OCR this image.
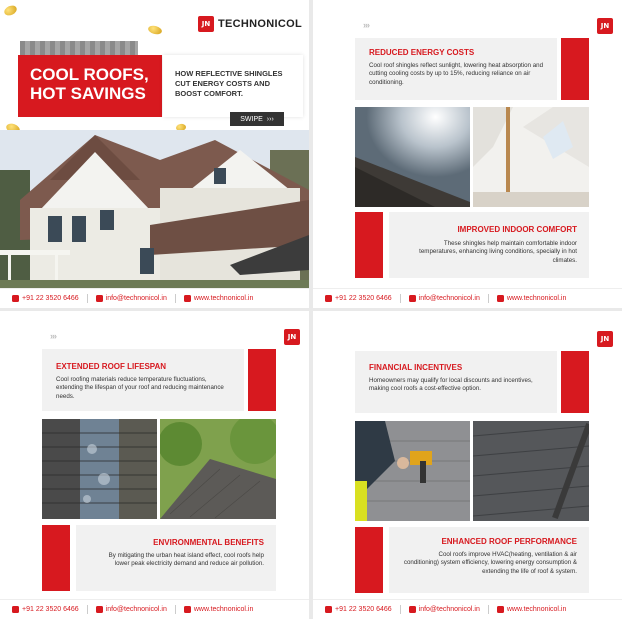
JN TECHNONICOL
COOL ROOFS,
HOT SAVINGS
HOW REFLECTIVE SHINGLES CUT ENERGY COSTS AND BOOST COMFORT.
SWIPE ›››
+91 22 3520 6466	info@technonicol.in	www.technonicol.in
›››	JN
REDUCED ENERGY COSTS
Cool roof shingles reflect sunlight, lowering heat absorption and cutting cooling costs by up to 15%, reducing reliance on air conditioning.
IMPROVED INDOOR COMFORT
These shingles help maintain comfortable indoor temperatures, enhancing living conditions, specially in hot climates.
+91 22 3520 6466	info@technonicol.in	www.technonicol.in
›››	JN
EXTENDED ROOF LIFESPAN
Cool roofing materials reduce temperature fluctuations, extending the lifespan of your roof and reducing maintenance needs.
ENVIRONMENTAL BENEFITS
By mitigating the urban heat island effect, cool roofs help lower peak electricity demand and reduce air pollution.
+91 22 3520 6466	info@technonicol.in	www.technonicol.in
JN
FINANCIAL INCENTIVES
Homeowners may qualify for local discounts and incentives, making cool roofs a cost-effective option.
ENHANCED ROOF PERFORMANCE
Cool roofs improve HVAC(heating, ventilation & air conditioning) system efficiency, lowering energy consumption & extending the life of roof & system.
+91 22 3520 6466	info@technonicol.in	www.technonicol.in
